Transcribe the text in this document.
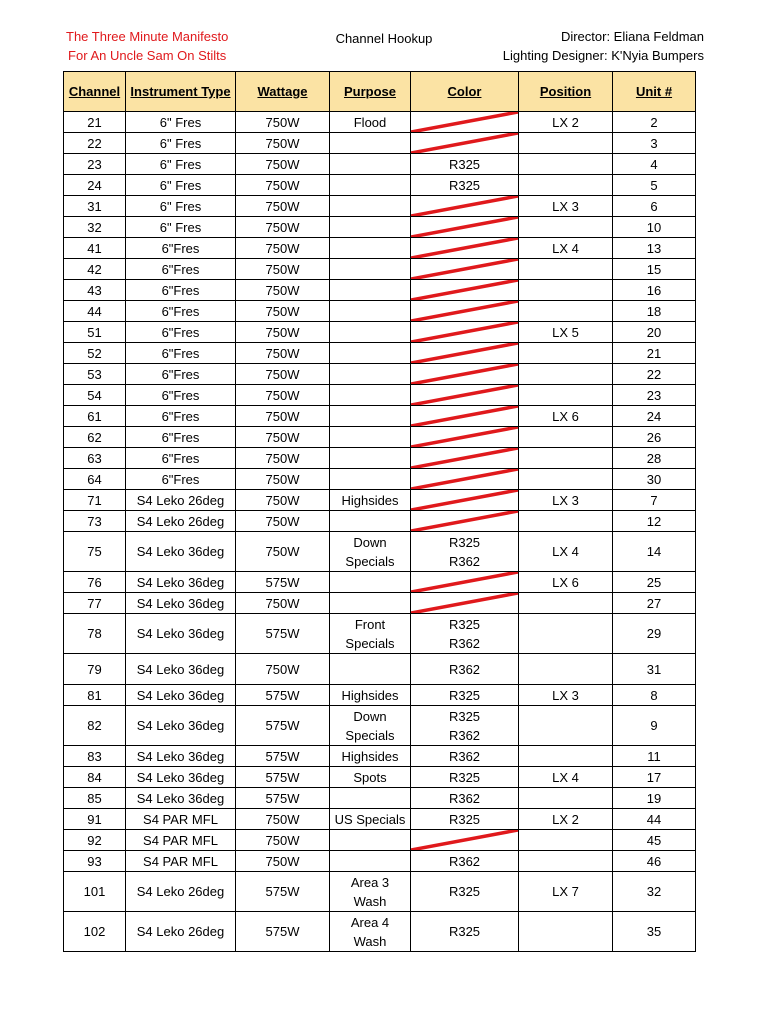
The Three Minute Manifesto
For An Uncle Sam On Stilts
Channel Hookup	Director: Eliana Feldman
Lighting Designer: K'Nyia Bumpers
Channel	Instrument Type	Wattage	Purpose	Color	Position	Unit #
21	6" Fres	750W	Flood		LX 2	2
22	6" Fres	750W				3
23	6" Fres	750W		R325		4
24	6" Fres	750W		R325		5
31	6" Fres	750W			LX 3	6
32	6" Fres	750W				10
41	6"Fres	750W			LX 4	13
42	6"Fres	750W				15
43	6"Fres	750W				16
44	6"Fres	750W				18
51	6"Fres	750W			LX 5	20
52	6"Fres	750W				21
53	6"Fres	750W				22
54	6"Fres	750W				23
61	6"Fres	750W			LX 6	24
62	6"Fres	750W				26
63	6"Fres	750W				28
64	6"Fres	750W				30
71	S4 Leko 26deg	750W	Highsides		LX 3	7
73	S4 Leko 26deg	750W				12
75	S4 Leko 36deg	750W	Down
Specials	R325
R362	LX 4	14
76	S4 Leko 36deg	575W			LX 6	25
77	S4 Leko 36deg	750W				27
78	S4 Leko 36deg	575W	Front
Specials	R325
R362		29
79	S4 Leko 36deg	750W		R362		31
81	S4 Leko 36deg	575W	Highsides	R325	LX 3	8
82	S4 Leko 36deg	575W	Down
Specials	R325
R362		9
83	S4 Leko 36deg	575W	Highsides	R362		11
84	S4 Leko 36deg	575W	Spots	R325	LX 4	17
85	S4 Leko 36deg	575W		R362		19
91	S4 PAR MFL	750W	US Specials	R325	LX 2	44
92	S4 PAR MFL	750W				45
93	S4 PAR MFL	750W		R362		46
101	S4 Leko 26deg	575W	Area 3
Wash	R325	LX 7	32
102	S4 Leko 26deg	575W	Area 4
Wash	R325		35
